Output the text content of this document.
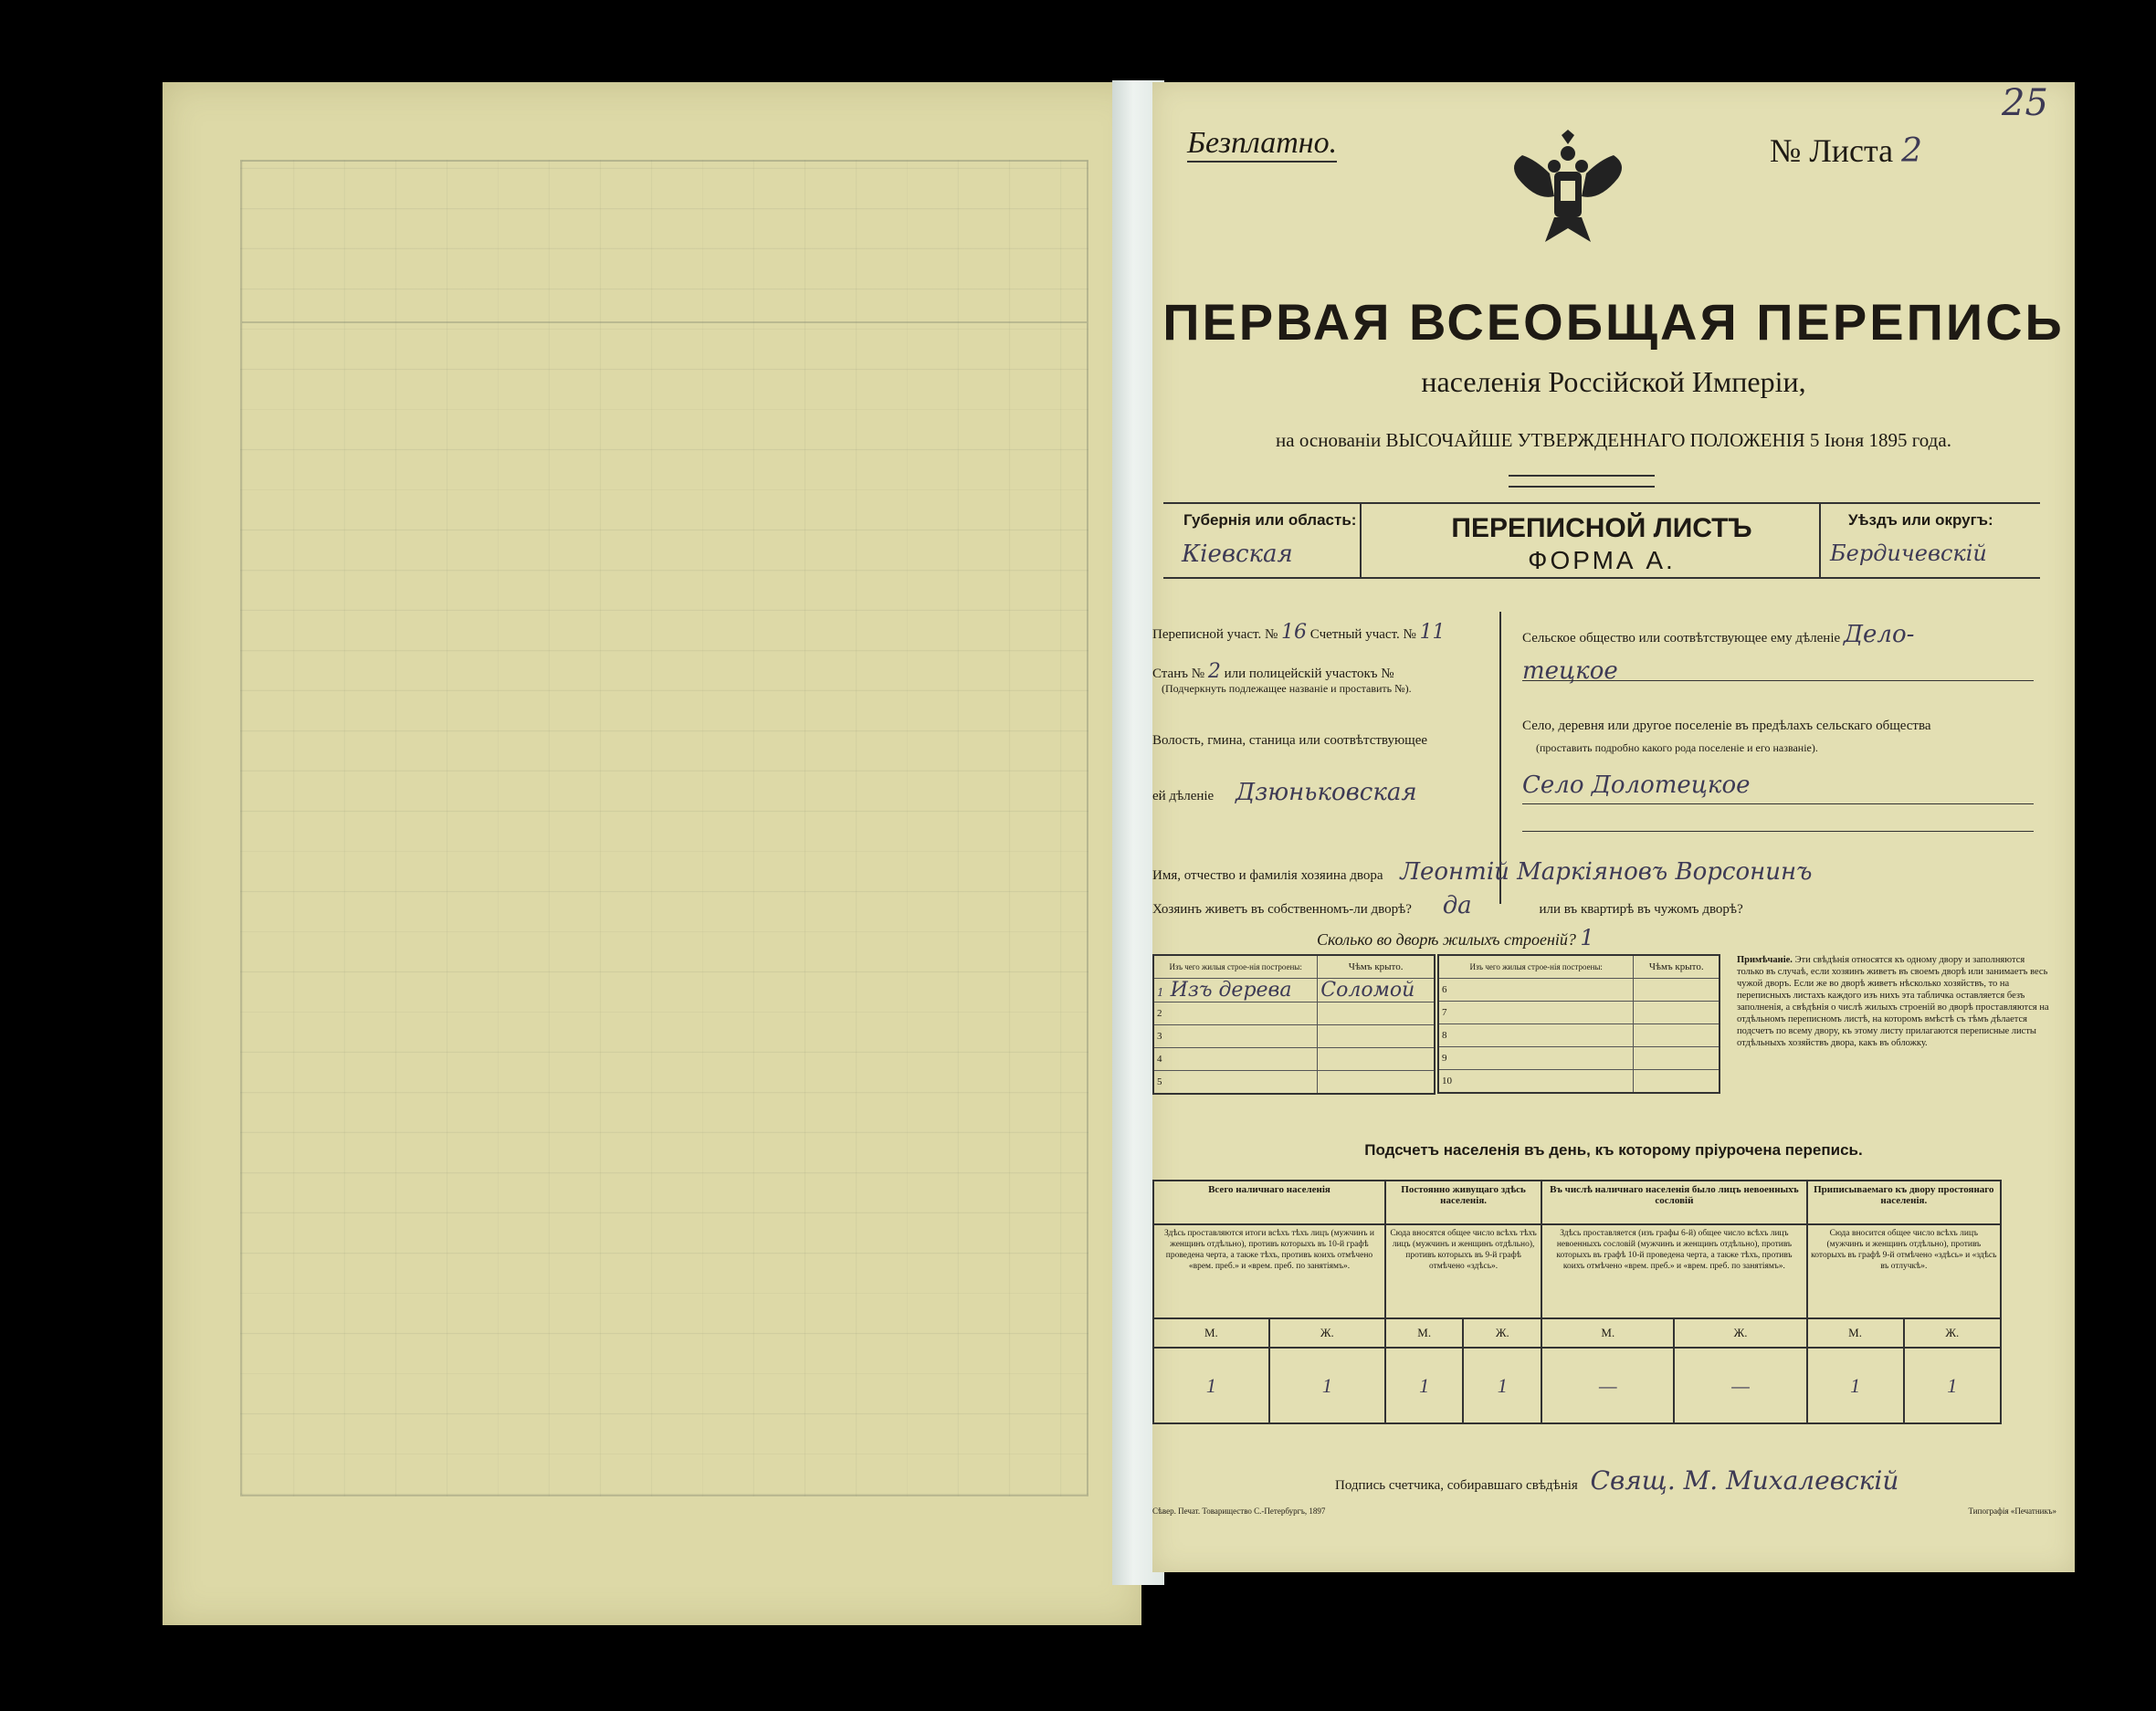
Безплатно.	№ Листа 2
25
ПЕРВАЯ ВСЕОБЩАЯ ПЕРЕПИСЬ
населенія Россійской Имперіи,
на основаніи ВЫСОЧАЙШЕ УТВЕРЖДЕННАГО ПОЛОЖЕНІЯ 5 Іюня 1895 года.
Губернія или область:
Кіевская
ПЕРЕПИСНОЙ ЛИСТЪ
ФОРМА А.
Уѣздъ или округъ:
Бердичевскій
Переписной участ. № 16 Счетный участ. № 11
Станъ № 2 или полицейскій участокъ №
(Подчеркнуть подлежащее названіе и проставить №).
Волость, гмина, станица или соотвѣтствующее
ей дѣленіе Дзюньковская
Сельское общество или соотвѣтствующее ему дѣленіе Дело-
тецкое
Село, деревня или другое поселеніе въ предѣлахъ сельскаго общества
(проставить подробно какого рода поселеніе и его названіе).
Село Долотецкое
Имя, отчество и фамилія хозяина двора Леонтій Маркіяновъ Ворсонинъ
Хозяинъ живетъ въ собственномъ-ли дворѣ? да	или въ квартирѣ въ чужомъ дворѣ?
Сколько во дворѣ жилыхъ строеній? 1
Изъ чего жилыя строе-нія построены:	Чѣмъ крыто.
1 Изъ дерева	Соломой
2	
3	
4	
5	
Изъ чего жилыя строе-нія построены:	Чѣмъ крыто.
6	
7	
8	
9	
10	
Примѣчаніе. Эти свѣдѣнія относятся къ одному двору и заполняются только въ случаѣ, если хозяинъ живетъ въ своемъ дворѣ или занимаетъ весь чужой дворъ. Если же во дворѣ живетъ нѣсколько хозяйствъ, то на переписныхъ листахъ каждого изъ нихъ эта табличка оставляется безъ заполненія, а свѣдѣнія о числѣ жилыхъ строеній во дворѣ проставляются на отдѣльномъ переписномъ листѣ, на которомъ вмѣстѣ съ тѣмъ дѣлается подсчетъ по всему двору, къ этому листу прилагаются переписные листы отдѣльныхъ хозяйствъ двора, какъ въ обложку.
Подсчетъ населенія въ день, къ которому пріурочена перепись.
Всего наличнаго населенія		Постоянно живущаго здѣсь населенія.		Въ числѣ наличнаго населенія было лицъ невоенныхъ сословій		Приписываемаго къ двору простоянаго населенія.	
Здѣсь проставляются итоги всѣхъ тѣхъ лицъ (мужчинъ и женщинъ отдѣльно), противъ которыхъ въ 10-й графѣ проведена черта, а также тѣхъ, противъ коихъ отмѣчено «врем. преб.» и «врем. преб. по занятіямъ».		Сюда вносятся общее число всѣхъ тѣхъ лицъ (мужчинъ и женщинъ отдѣльно), противъ которыхъ въ 9-й графѣ отмѣчено «здѣсь».		Здѣсь проставляется (изъ графы 6-й) общее число всѣхъ лицъ невоенныхъ сословій (мужчинъ и женщинъ отдѣльно), противъ которыхъ въ графѣ 10-й проведена черта, а также тѣхъ, противъ коихъ отмѣчено «врем. преб.» и «врем. преб. по занятіямъ».		Сюда вносится общее число всѣхъ лицъ (мужчинъ и женщинъ отдѣльно), противъ которыхъ въ графѣ 9-й отмѣчено «здѣсь» и «здѣсь въ отлучкѣ».	
М.	Ж.	М.	Ж.	М.	Ж.	М.	Ж.
1	1	1	1	—	—	1	1
Подпись счетчика, собиравшаго свѣдѣнія Свящ. М. Михалевскій
Сѣвер. Печат. Товарищество С.-Петербургъ, 1897	Типографія «Печатникъ»
